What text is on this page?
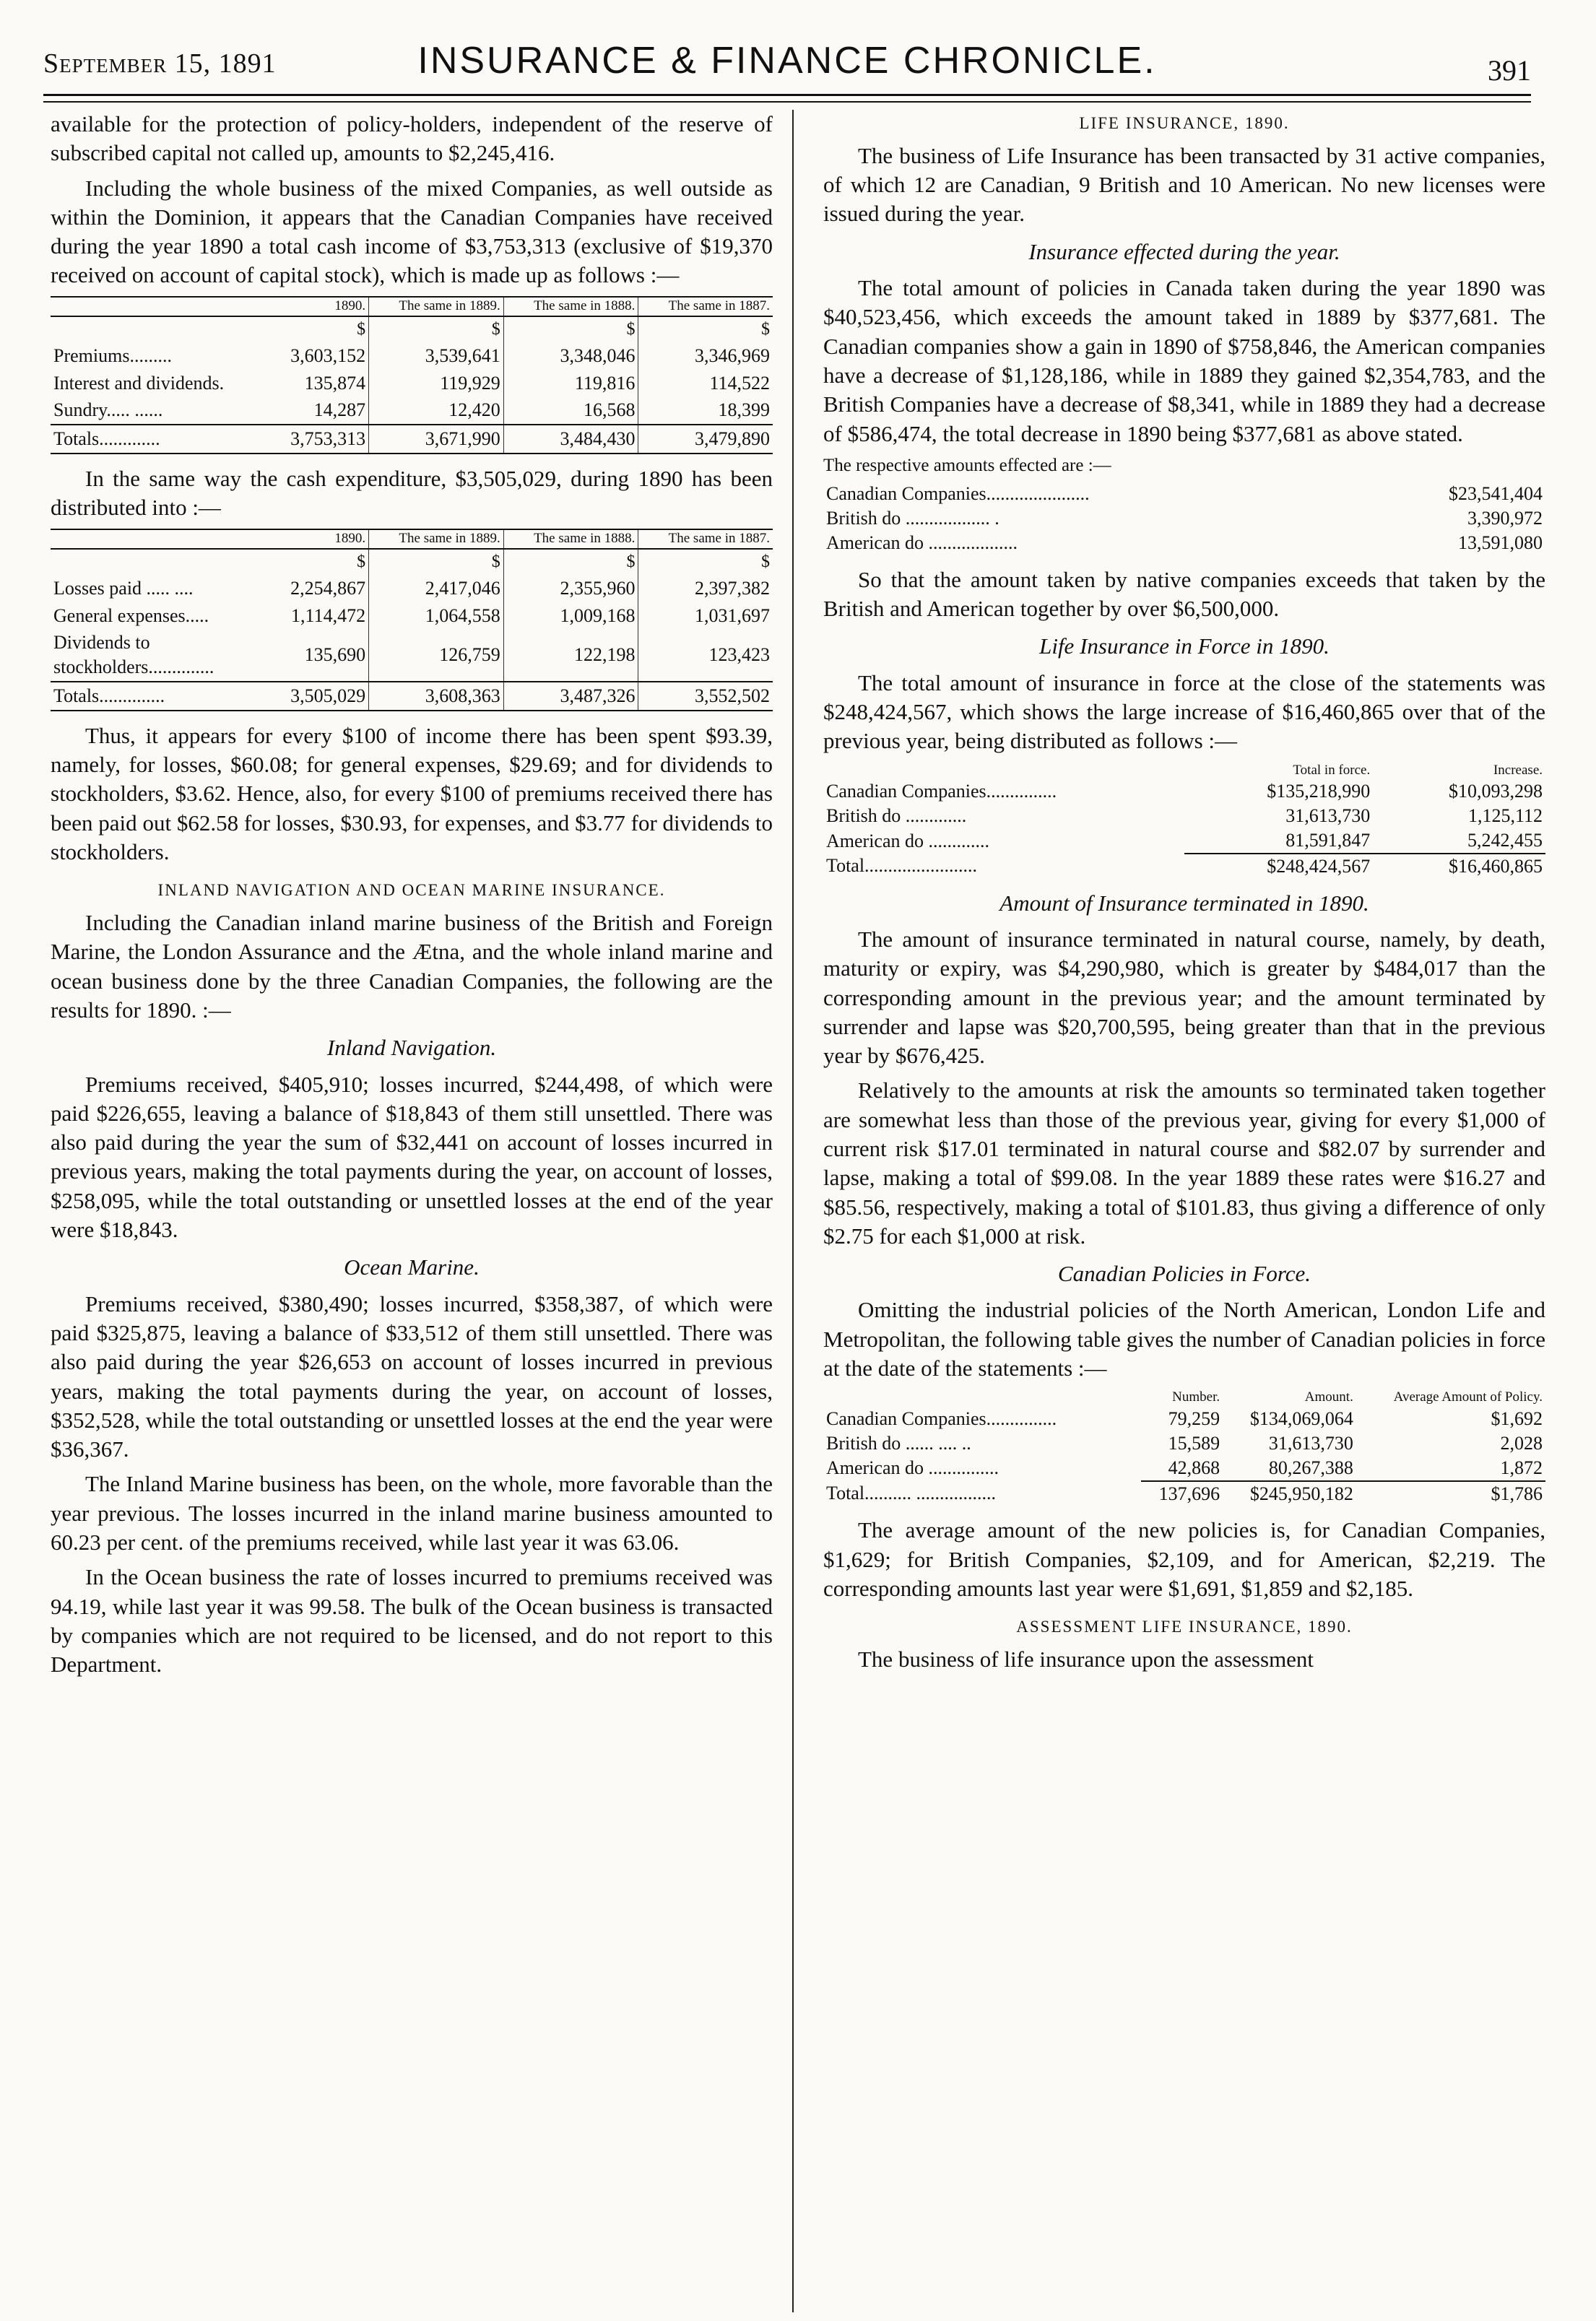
September 15, 1891	INSURANCE & FINANCE CHRONICLE.	391

available for the protection of policy-holders, independent of the reserve of subscribed capital not called up, amounts to $2,245,416.

Including the whole business of the mixed Companies, as well outside as within the Dominion, it appears that the Canadian Companies have received during the year 1890 a total cash income of $3,753,313 (exclusive of $19,370 received on account of capital stock), which is made up as follows :—

	1890.	The same in 1889.	The same in 1888.	The same in 1887.
	$	$	$	$
Premiums.........	3,603,152	3,539,641	3,348,046	3,346,969
Interest and dividends.	135,874	119,929	119,816	114,522
Sundry..... ......	14,287	12,420	16,568	18,399
Totals.............	3,753,313	3,671,990	3,484,430	3,479,890

In the same way the cash expenditure, $3,505,029, during 1890 has been distributed into :—

	1890.	The same in 1889.	The same in 1888.	The same in 1887.
	$	$	$	$
Losses paid ..... ....	2,254,867	2,417,046	2,355,960	2,397,382
General expenses.....	1,114,472	1,064,558	1,009,168	1,031,697
Dividends to stockholders..............	135,690	126,759	122,198	123,423
Totals..............	3,505,029	3,608,363	3,487,326	3,552,502

Thus, it appears for every $100 of income there has been spent $93.39, namely, for losses, $60.08; for general expenses, $29.69; and for dividends to stockholders, $3.62. Hence, also, for every $100 of premiums received there has been paid out $62.58 for losses, $30.93, for expenses, and $3.77 for dividends to stockholders.

INLAND NAVIGATION AND OCEAN MARINE INSURANCE.

Including the Canadian inland marine business of the British and Foreign Marine, the London Assurance and the Ætna, and the whole inland marine and ocean business done by the three Canadian Companies, the following are the results for 1890. :—

Inland Navigation.

Premiums received, $405,910; losses incurred, $244,498, of which were paid $226,655, leaving a balance of $18,843 of them still unsettled. There was also paid during the year the sum of $32,441 on account of losses incurred in previous years, making the total payments during the year, on account of losses, $258,095, while the total outstanding or unsettled losses at the end of the year were $18,843.

Ocean Marine.

Premiums received, $380,490; losses incurred, $358,387, of which were paid $325,875, leaving a balance of $33,512 of them still unsettled. There was also paid during the year $26,653 on account of losses incurred in previous years, making the total payments during the year, on account of losses, $352,528, while the total outstanding or unsettled losses at the end the year were $36,367.

The Inland Marine business has been, on the whole, more favorable than the year previous. The losses incurred in the inland marine business amounted to 60.23 per cent. of the premiums received, while last year it was 63.06.

In the Ocean business the rate of losses incurred to premiums received was 94.19, while last year it was 99.58. The bulk of the Ocean business is transacted by companies which are not required to be licensed, and do not report to this Department.

LIFE INSURANCE, 1890.

The business of Life Insurance has been transacted by 31 active companies, of which 12 are Canadian, 9 British and 10 American. No new licenses were issued during the year.

Insurance effected during the year.

The total amount of policies in Canada taken during the year 1890 was $40,523,456, which exceeds the amount taked in 1889 by $377,681. The Canadian companies show a gain in 1890 of $758,846, the American companies have a decrease of $1,128,186, while in 1889 they gained $2,354,783, and the British Companies have a decrease of $8,341, while in 1889 they had a decrease of $586,474, the total decrease in 1890 being $377,681 as above stated.

The respective amounts effected are :—
Canadian Companies......................	$23,541,404
British do .................. .	3,390,972
American do ...................	13,591,080

So that the amount taken by native companies exceeds that taken by the British and American together by over $6,500,000.

Life Insurance in Force in 1890.

The total amount of insurance in force at the close of the statements was $248,424,567, which shows the large increase of $16,460,865 over that of the previous year, being distributed as follows :—

	Total in force.	Increase.
Canadian Companies...............	$135,218,990	$10,093,298
British do .............	31,613,730	1,125,112
American do .............	81,591,847	5,242,455
Total........................	$248,424,567	$16,460,865
Amount of Insurance terminated in 1890.

The amount of insurance terminated in natural course, namely, by death, maturity or expiry, was $4,290,980, which is greater by $484,017 than the corresponding amount in the previous year; and the amount terminated by surrender and lapse was $20,700,595, being greater than that in the previous year by $676,425.

Relatively to the amounts at risk the amounts so terminated taken together are somewhat less than those of the previous year, giving for every $1,000 of current risk $17.01 terminated in natural course and $82.07 by surrender and lapse, making a total of $99.08. In the year 1889 these rates were $16.27 and $85.56, respectively, making a total of $101.83, thus giving a difference of only $2.75 for each $1,000 at risk.

Canadian Policies in Force.

Omitting the industrial policies of the North American, London Life and Metropolitan, the following table gives the number of Canadian policies in force at the date of the statements :—

	Number.	Amount.	Average Amount of Policy.
Canadian Companies...............	79,259	$134,069,064	$1,692
British do ...... .... ..	15,589	31,613,730	2,028
American do ...............	42,868	80,267,388	1,872
Total.......... .................	137,696	$245,950,182	$1,786

The average amount of the new policies is, for Canadian Companies, $1,629; for British Companies, $2,109, and for American, $2,219. The corresponding amounts last year were $1,691, $1,859 and $2,185.

ASSESSMENT LIFE INSURANCE, 1890.

The business of life insurance upon the assessment
